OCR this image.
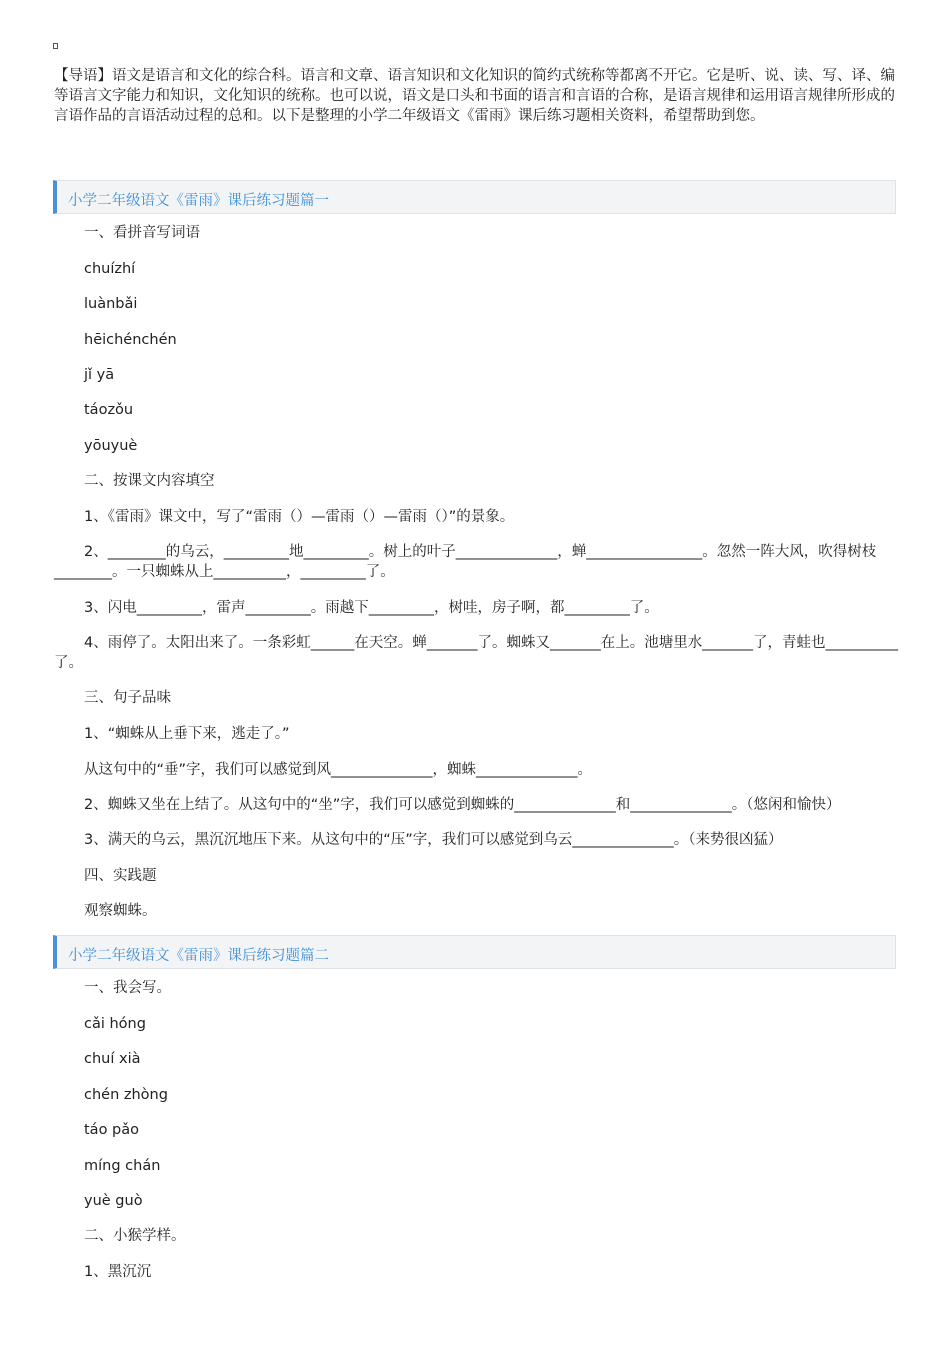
【导语】语文是语言和文化的综合科。语言和文章、语言知识和文化知识的简约式统称等都离不开它。它是听、说、读、写、译、编等语言文字能力和知识，文化知识的统称。也可以说，语文是口头和书面的语言和言语的合称，是语言规律和运用语言规律所形成的言语作品的言语活动过程的总和。以下是整理的小学二年级语文《雷雨》课后练习题相关资料，希望帮助到您。

小学二年级语文《雷雨》课后练习题篇一

一、看拼音写词语

chuízhí

luànbǎi

hēichénchén

jǐ yā

táozǒu

yōuyuè

二、按课文内容填空

1、《雷雨》课文中，写了“雷雨（）—雷雨（）—雷雨（）”的景象。

2、________的乌云，_________地_________。树上的叶子______________，蝉________________。忽然一阵大风，吹得树枝________。一只蜘蛛从上__________，_________了。

3、闪电_________，雷声_________。雨越下_________，树哇，房子啊，都_________了。

4、雨停了。太阳出来了。一条彩虹______在天空。蝉_______了。蜘蛛又_______在上。池塘里水_______了，青蛙也__________了。

三、句子品味

1、“蜘蛛从上垂下来，逃走了。”

从这句中的“垂”字，我们可以感觉到风______________，蜘蛛______________。

2、蜘蛛又坐在上结了。从这句中的“坐”字，我们可以感觉到蜘蛛的______________和______________。（悠闲和愉快）

3、满天的乌云，黑沉沉地压下来。从这句中的“压”字，我们可以感觉到乌云______________。（来势很凶猛）

四、实践题

观察蜘蛛。

小学二年级语文《雷雨》课后练习题篇二

一、我会写。

cǎi hóng

chuí xià

chén zhòng

táo pǎo

míng chán

yuè guò

二、小猴学样。

1、黑沉沉
